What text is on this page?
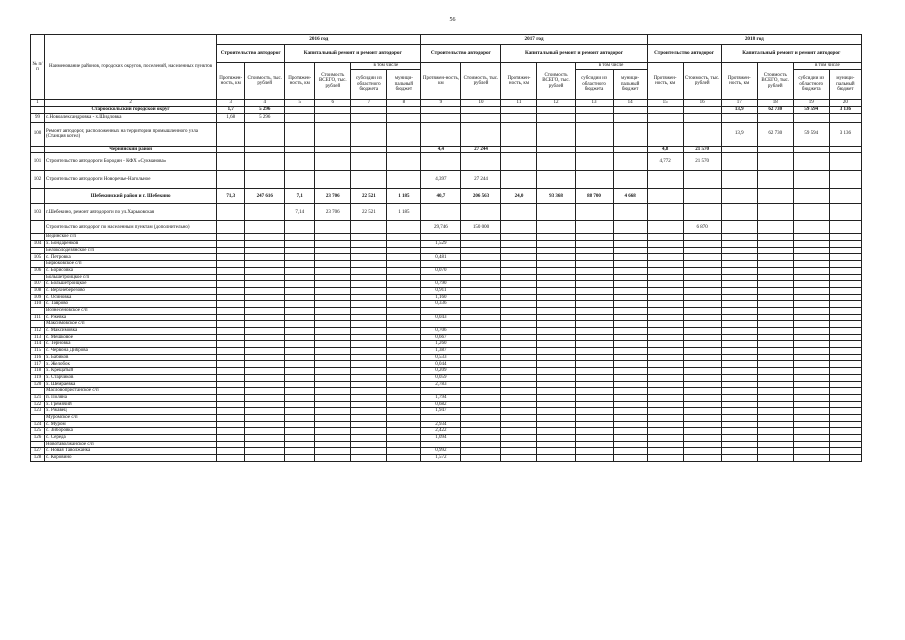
56
№ п/п	Наименование районов, городских округов, поселений, населенных пунктов	2016 год						2017 год						2018 год					
		Строительство автодорог		Капитальный ремонт и ремонт автодорог				Строительство автодорог		Капитальный ремонт и ремонт автодорог				Строительство автодорог		Капитальный ремонт и ремонт автодорог			
		Протяжен-ность, км	Стоимость, тыс. рублей	Протяжен-ность, км	Стоимость ВСЕГО, тыс. рублей	в том числе		Протяжен-ность, км	Стоимость, тыс. рублей	Протяжен-ность, км	Стоимость ВСЕГО, тыс. рублей	в том числе		Протяжен-ность, км	Стоимость, тыс. рублей	Протяжен-ность, км	Стоимость ВСЕГО, тыс. рублей	в том числе	
						субсидии из областного бюджета	муници-пальный бюджет					субсидии из областного бюджета	муници-пальный бюджет					субсидии из областного бюджета	муници-пальный бюджет
1	2	3	4	5	6	7	8	9	10	11	12	13	14	15	16	17	18	19	20
	Старооскольский городской округ	1,7	5 296													13,9	62 730	59 594	3 136
99	с.Новоалександровка - х.Шидловка	1,68	5 296																
100	Ремонт автодорог, расположенных на территории промышленного узла (Станция котел)															13,9	62 730	59 594	3 136
	Чернянский район							4,4	27 244					4,8	21 570				
101	Строительство автодороги Бородин - КФХ «Сукманова»													4,772	21 570				
102	Строительство автодороги Новоречье-Нагольное							4,397	27 244										
	Шебекинский район и г. Шебекино	71,3	247 616	7,1	23 706	22 521	1 185	40,7	206 563	24,0	93 368	88 700	4 668						
103	г.Шебекино, ремонт автодороги по ул.Харьковская			7,14	23 706	22 521	1 185												
	Строительство автодорог по населенным пунктам (дополнительно)							29,746	150 000						6 870				
	Вединское с/п																		
104	х. Бондаренков							1,529											
	Белоколодезянское с/п																		
105	с. Петровка							0,481											
	Бирюковское с/п																		
106	с. Борисовка							0,070											
	Большетроицкое с/п																		
107	с. Большетроицкое							0,790											
108	с. Верхнеберезово							0,911											
109	с. Осиновка							1,160											
110	с. Таврово							0,336											
	Вознесеновское с/п																		
111	с. Ржевка							0,043											
	Максимовское с/п																		
112	с. Максимовка							0,706											
113	с. Мешковое							0,667											
114	с. Терновка							1,260											
115	с. Червона Диброва							1,387											
116	х. Бабиков							0,533											
117	х. Желобок							0,044											
118	х. Крещатый							0,209											
119	х. Старчиков							0,059											
120	х. Шемраевка							2,783											
	Масловопристанское с/п																		
121	п. Поляна							1,794											
122	х. Гремячий							0,682											
123	х. Ржавец							1,947											
	Муромское с/п																		
124	с. Муром							2,934											
125	с. Зиборовка							2,422											
126	с. Середа							1,094											
	Новотаволжанское с/п																		
127	с. Новая Таволжанка							0,992											
128	с. Коровино							1,572											
